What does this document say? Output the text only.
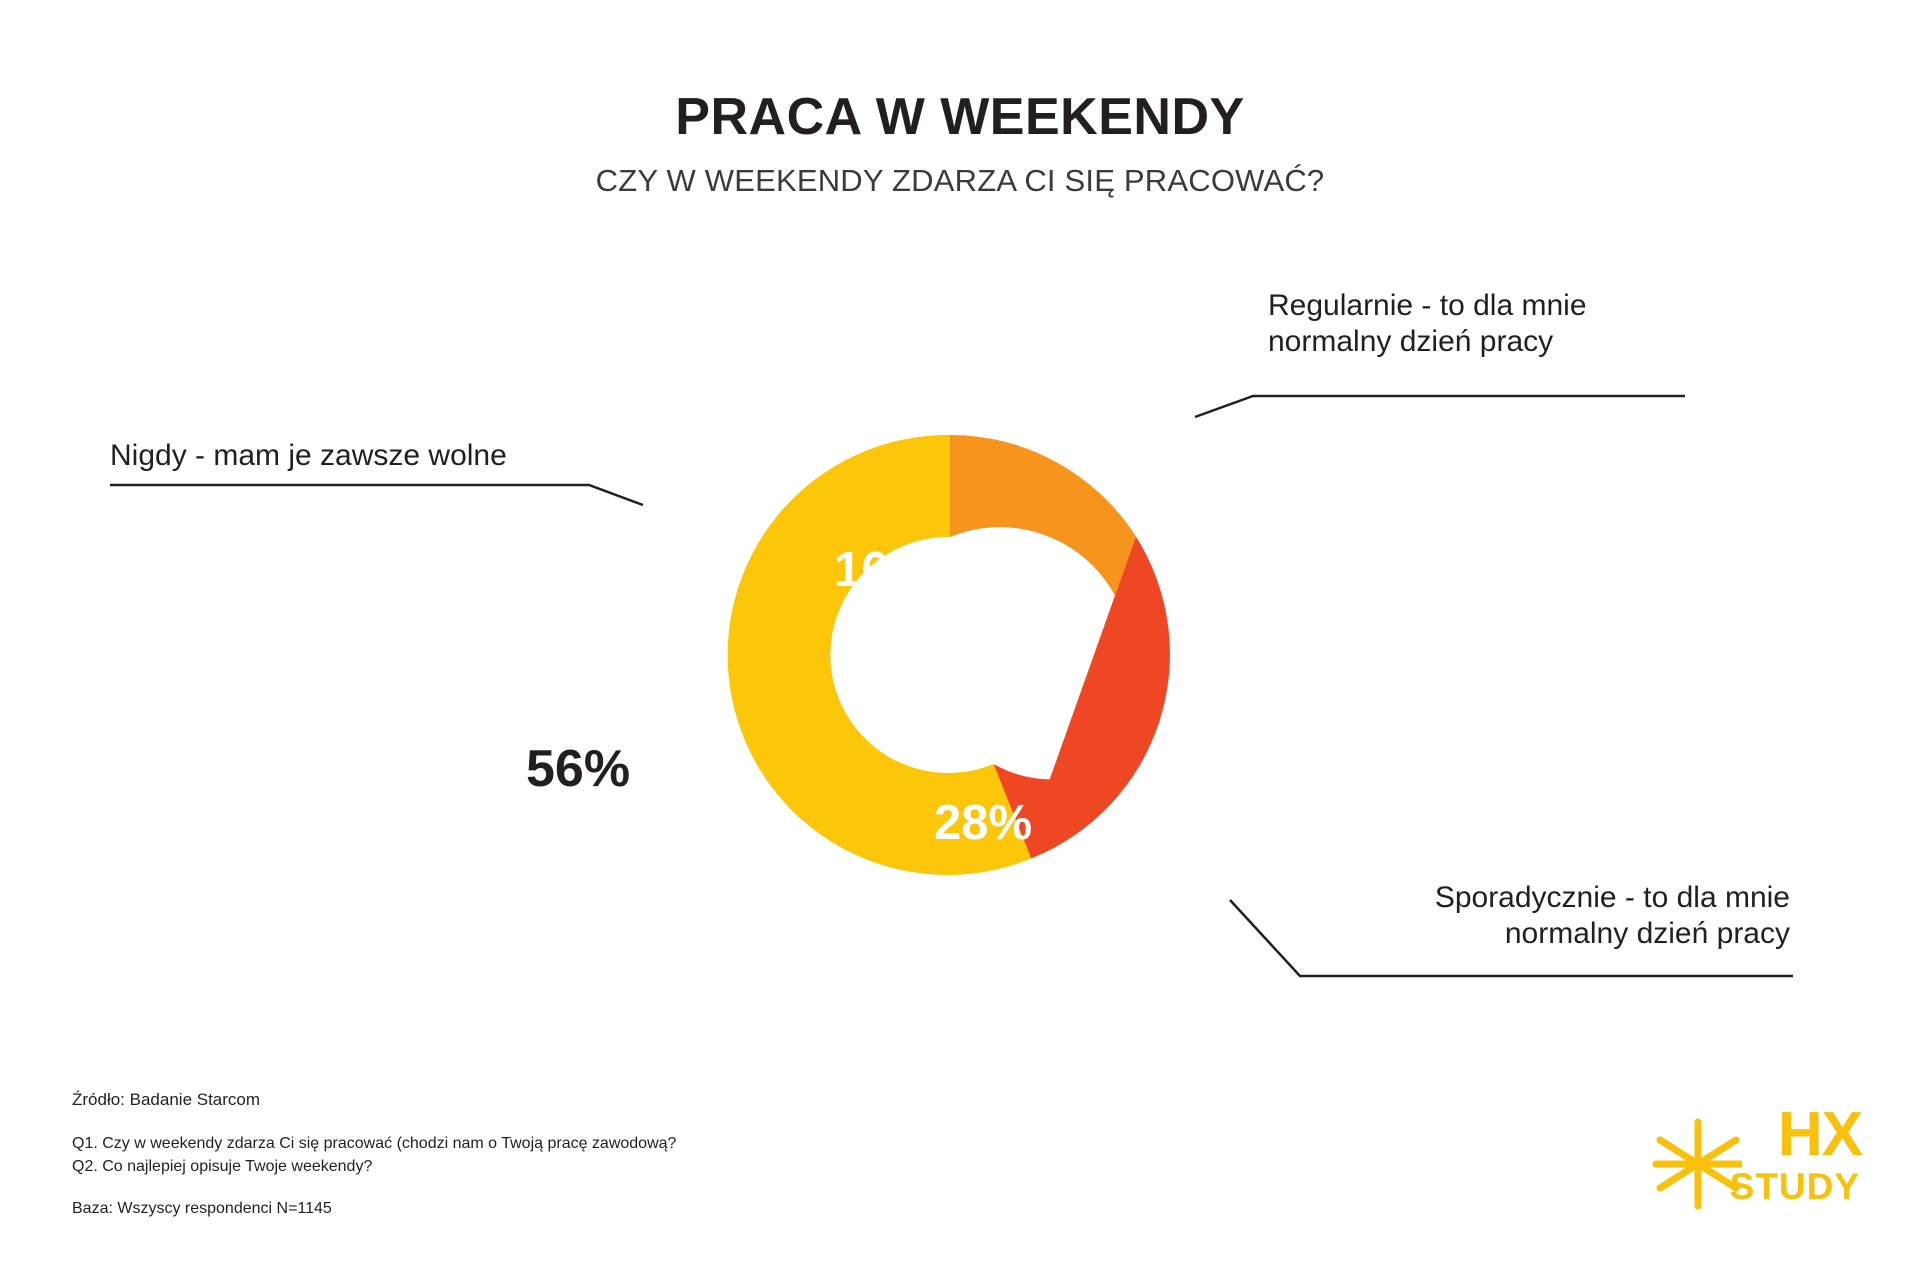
PRACA W WEEKENDY

CZY W WEEKENDY ZDARZA CI SIĘ PRACOWAĆ?

16%
28%
56%
Regularnie - to dla mnie
normalny dzień pracy
Sporadycznie - to dla mnie
normalny dzień pracy
Nigdy - mam je zawsze wolne
Źródło: Badanie Starcom
Q1. Czy w weekendy zdarza Ci się pracować (chodzi nam o Twoją pracę zawodową?
Q2. Co najlepiej opisuje Twoje weekendy?
Baza: Wszyscy respondenci N=1145
HX
STUDY
